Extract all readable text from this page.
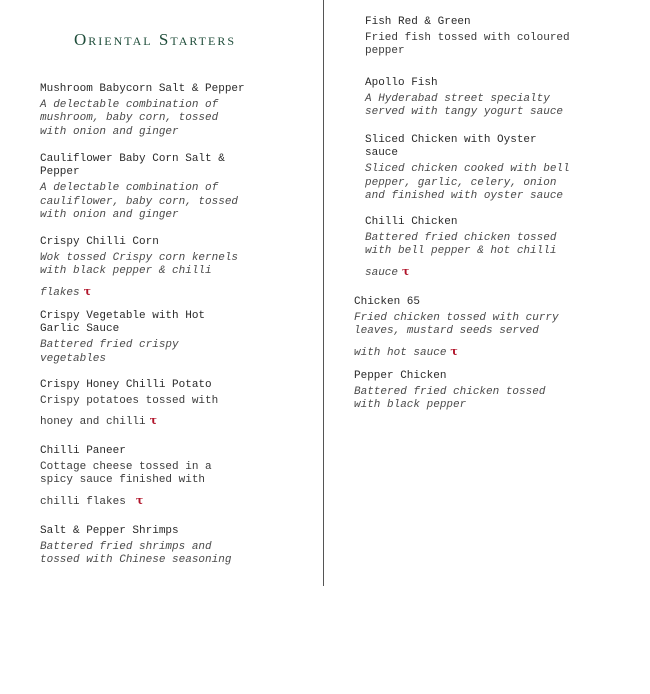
Oriental Starters
Mushroom Babycorn Salt & Pepper
A delectable combination of
mushroom, baby corn, tossed
with onion and ginger
Cauliflower Baby Corn Salt &
Pepper
A delectable combination of
cauliflower, baby corn, tossed
with onion and ginger
Crispy Chilli Corn
Wok tossed Crispy corn kernels
with black pepper & chilli
flakes τ
Crispy Vegetable with Hot
Garlic Sauce
Battered fried crispy
vegetables
Crispy Honey Chilli Potato
Crispy potatoes tossed with
honey and chilli τ
Chilli Paneer
Cottage cheese tossed in a
spicy sauce finished with
chilli flakes τ
Salt & Pepper Shrimps
Battered fried shrimps and
tossed with Chinese seasoning
Fish Red & Green
Fried fish tossed with coloured
pepper
Apollo Fish
A Hyderabad street specialty
served with tangy yogurt sauce
Sliced Chicken with Oyster
sauce
Sliced chicken cooked with bell
pepper, garlic, celery, onion
and finished with oyster sauce
Chilli Chicken
Battered fried chicken tossed
with bell pepper & hot chilli
sauce τ
Chicken 65
Fried chicken tossed with curry
leaves, mustard seeds served
with hot sauce τ
Pepper Chicken
Battered fried chicken tossed
with black pepper
